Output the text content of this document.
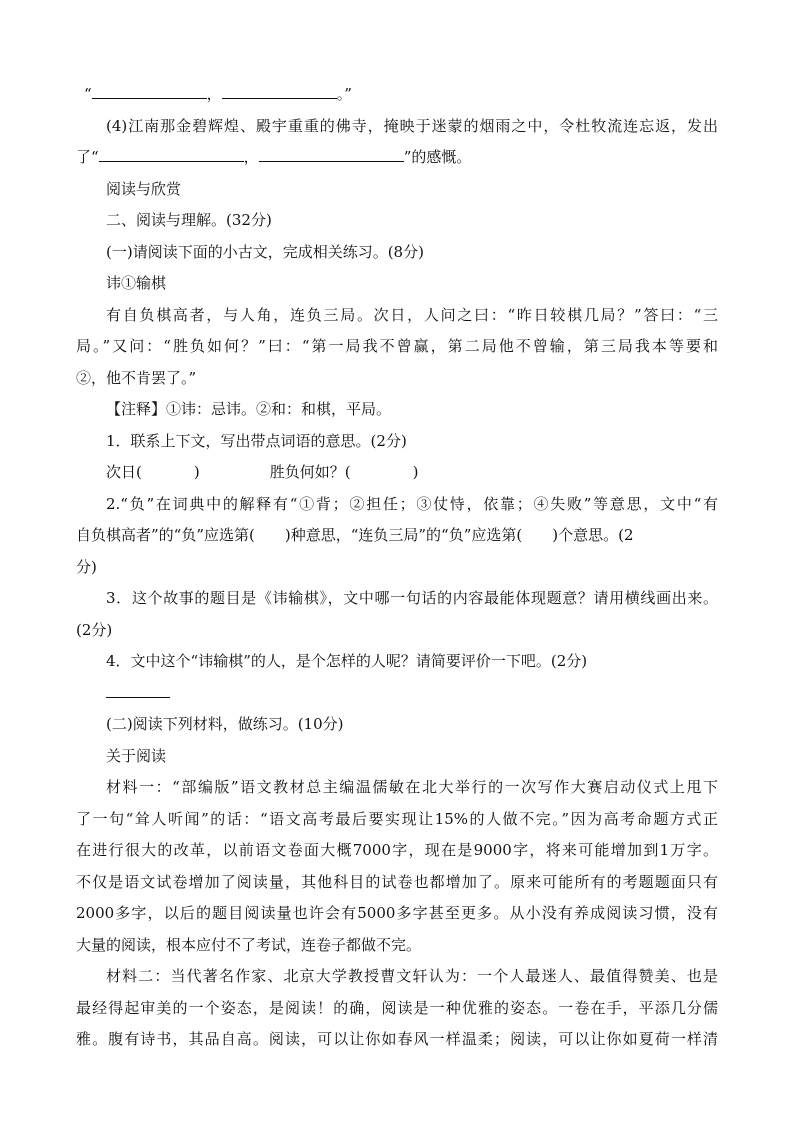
“	，	。”
(4)江南那金碧辉煌、殿宇重重的佛寺，掩映于迷蒙的烟雨之中，令杜牧流连忘返，发出
了“	，	”的感慨。
阅读与欣赏
二、阅读与理解。(32分)
(一)请阅读下面的小古文，完成相关练习。(8分)
讳①输棋
有自负棋高者，与人角，连负三局。次日，人问之曰：“昨日较棋几局？”答曰：“三
局。”又问：“胜负如何？”曰：“第一局我不曾赢，第二局他不曾输，第三局我本等要和
②，他不肯罢了。”
【注释】①讳：忌讳。②和：和棋，平局。
1．联系上下文，写出带点词语的意思。(2分)
次日(	)	胜负何如？(	)
2.“负”在词典中的解释有“①背；②担任；③仗恃，依靠；④失败”等意思，文中“有
自负棋高者”的“负”应选第( )种意思，“连负三局”的“负”应选第( )个意思。(2
分)
3．这个故事的题目是《讳输棋》，文中哪一句话的内容最能体现题意？请用横线画出来。
(2分)
4．文中这个“讳输棋”的人，是个怎样的人呢？请简要评价一下吧。(2分)
(二)阅读下列材料，做练习。(10分)
关于阅读
材料一：“部编版”语文教材总主编温儒敏在北大举行的一次写作大赛启动仪式上甩下
了一句“耸人听闻”的话：“语文高考最后要实现让15%的人做不完。”因为高考命题方式正
在进行很大的改革，以前语文卷面大概7000字，现在是9000字，将来可能增加到1万字。
不仅是语文试卷增加了阅读量，其他科目的试卷也都增加了。原来可能所有的考题题面只有
2000多字，以后的题目阅读量也许会有5000多字甚至更多。从小没有养成阅读习惯，没有
大量的阅读，根本应付不了考试，连卷子都做不完。
材料二：当代著名作家、北京大学教授曹文轩认为：一个人最迷人、最值得赞美、也是
最经得起审美的一个姿态，是阅读！的确，阅读是一种优雅的姿态。一卷在手，平添几分儒
雅。腹有诗书，其品自高。阅读，可以让你如春风一样温柔；阅读，可以让你如夏荷一样清
